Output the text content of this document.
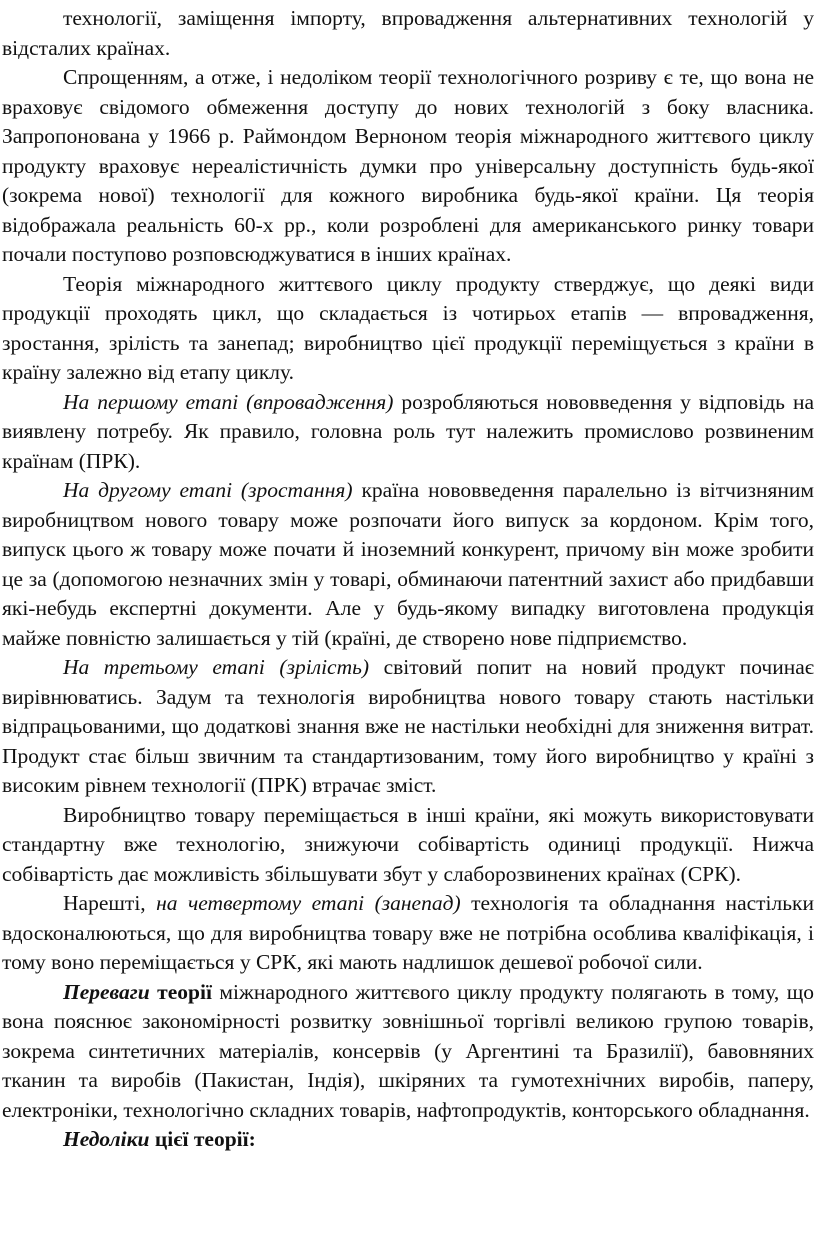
технології, заміщення імпорту, впровадження альтернативних технологій у відсталих країнах.

Спрощенням, а отже, і недоліком теорії технологічного розриву є те, що вона не враховує свідомого обмеження доступу до нових технологій з боку власника. Запропонована у 1966 р. Раймондом Верноном теорія міжнародного життєвого циклу продукту враховує нереалістичність думки про універсальну доступність будь-якої (зокрема нової) технології для кожного виробника будь-якої країни. Ця теорія відображала реальність 60-х рр., коли розроблені для американського ринку товари почали поступово розповсюджуватися в інших країнах.

Теорія міжнародного життєвого циклу продукту стверджує, що деякі види продукції проходять цикл, що складається із чотирьох етапів — впровадження, зростання, зрілість та занепад; виробництво цієї продукції переміщується з країни в країну залежно від етапу циклу.

На першому етапі (впровадження) розробляються нововведення у відповідь на виявлену потребу. Як правило, головна роль тут належить промислово розвиненим країнам (ПРК).

На другому етапі (зростання) країна нововведення паралельно із вітчизняним виробництвом нового товару може розпочати його випуск за кордоном. Крім того, випуск цього ж товару може почати й іноземний конкурент, причому він може зробити це за (допомогою незначних змін у товарі, обминаючи патентний захист або придбавши які-небудь експертні документи. Але у будь-якому випадку виготовлена продукція майже повністю залишається у тій (країні, де створено нове підприємство.

На третьому етапі (зрілість) світовий попит на новий продукт починає вирівнюватись. Задум та технологія виробництва нового товару стають настільки відпрацьованими, що додаткові знання вже не настільки необхідні для зниження витрат. Продукт стає більш звичним та стандартизованим, тому його виробництво у країні з високим рівнем технології (ПРК) втрачає зміст.

Виробництво товару переміщається в інші країни, які можуть використовувати стандартну вже технологію, знижуючи собівартість одиниці продукції. Нижча собівартість дає можливість збільшувати збут у слаборозвинених країнах (СРК).

Нарешті, на четвертому етапі (занепад) технологія та обладнання настільки вдосконалюються, що для виробництва товару вже не потрібна особлива кваліфікація, і тому воно переміщається у СРК, які мають надлишок дешевої робочої сили.

Переваги теорії міжнародного життєвого циклу продукту полягають в тому, що вона пояснює закономірності розвитку зовнішньої торгівлі великою групою товарів, зокрема синтетичних матеріалів, консервів (у Аргентині та Бразилії), бавовняних тканин та виробів (Пакистан, Індія), шкіряних та гумотехнічних виробів, паперу, електроніки, технологічно складних товарів, нафтопродуктів, конторського обладнання.

Недоліки цієї теорії:
